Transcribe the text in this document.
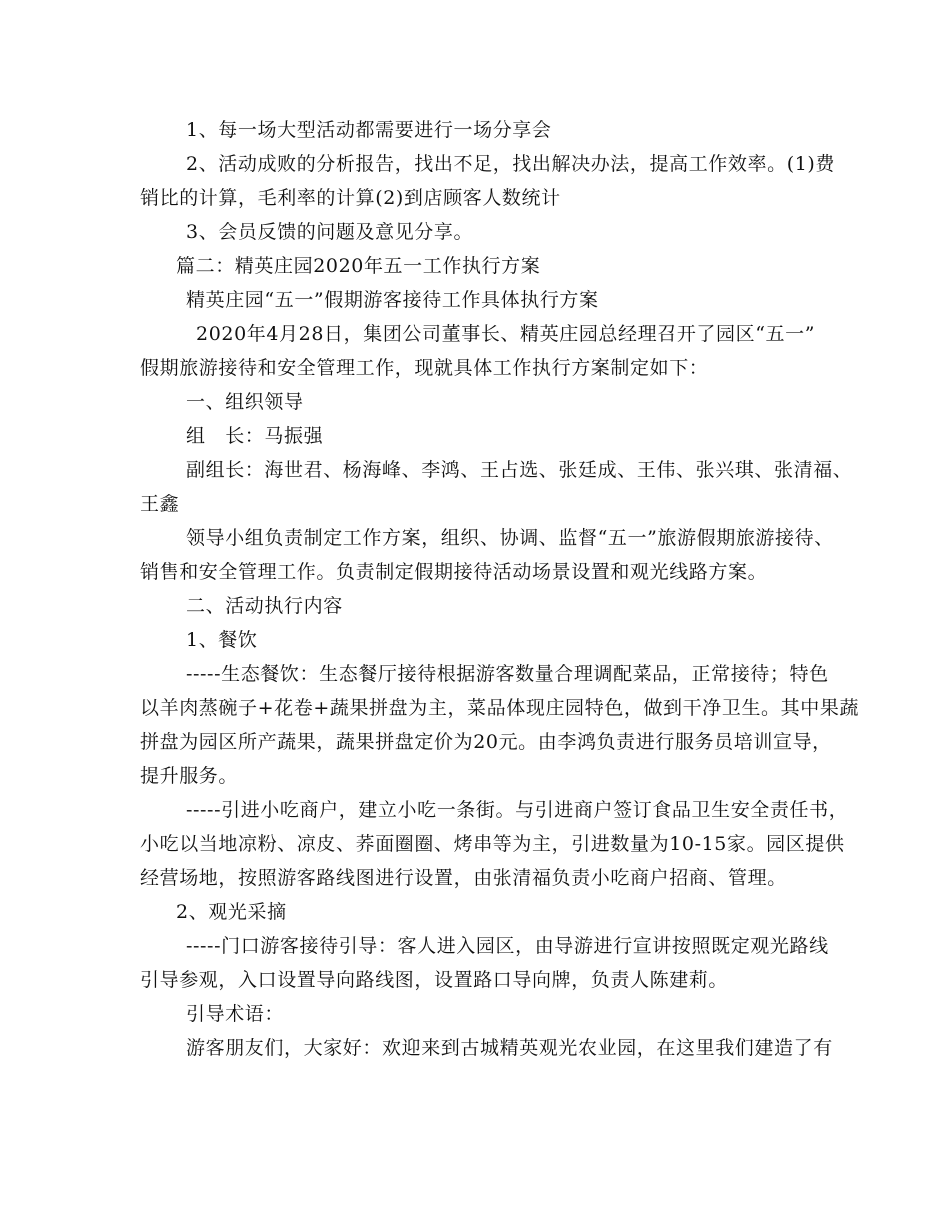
1、每一场大型活动都需要进行一场分享会
2、活动成败的分析报告，找出不足，找出解决办法，提高工作效率。(1)费
销比的计算，毛利率的计算(2)到店顾客人数统计
3、会员反馈的问题及意见分享。
篇二：精英庄园2020年五一工作执行方案
精英庄园“五一”假期游客接待工作具体执行方案
2020年4月28日，集团公司董事长、精英庄园总经理召开了园区“五一”
假期旅游接待和安全管理工作，现就具体工作执行方案制定如下：
一、组织领导
组　长：马振强
副组长：海世君、杨海峰、李鸿、王占选、张廷成、王伟、张兴琪、张清福、
王鑫
领导小组负责制定工作方案，组织、协调、监督“五一”旅游假期旅游接待、
销售和安全管理工作。负责制定假期接待活动场景设置和观光线路方案。
二、活动执行内容
1、餐饮
-----生态餐饮：生态餐厅接待根据游客数量合理调配菜品，正常接待；特色
以羊肉蒸碗子+花卷+蔬果拼盘为主，菜品体现庄园特色，做到干净卫生。其中果蔬
拼盘为园区所产蔬果，蔬果拼盘定价为20元。由李鸿负责进行服务员培训宣导，
提升服务。
-----引进小吃商户，建立小吃一条街。与引进商户签订食品卫生安全责任书，
小吃以当地凉粉、凉皮、荞面圈圈、烤串等为主，引进数量为10-15家。园区提供
经营场地，按照游客路线图进行设置，由张清福负责小吃商户招商、管理。
2、观光采摘
-----门口游客接待引导：客人进入园区，由导游进行宣讲按照既定观光路线
引导参观，入口设置导向路线图，设置路口导向牌，负责人陈建莉。
引导术语：
游客朋友们，大家好：欢迎来到古城精英观光农业园，在这里我们建造了有
